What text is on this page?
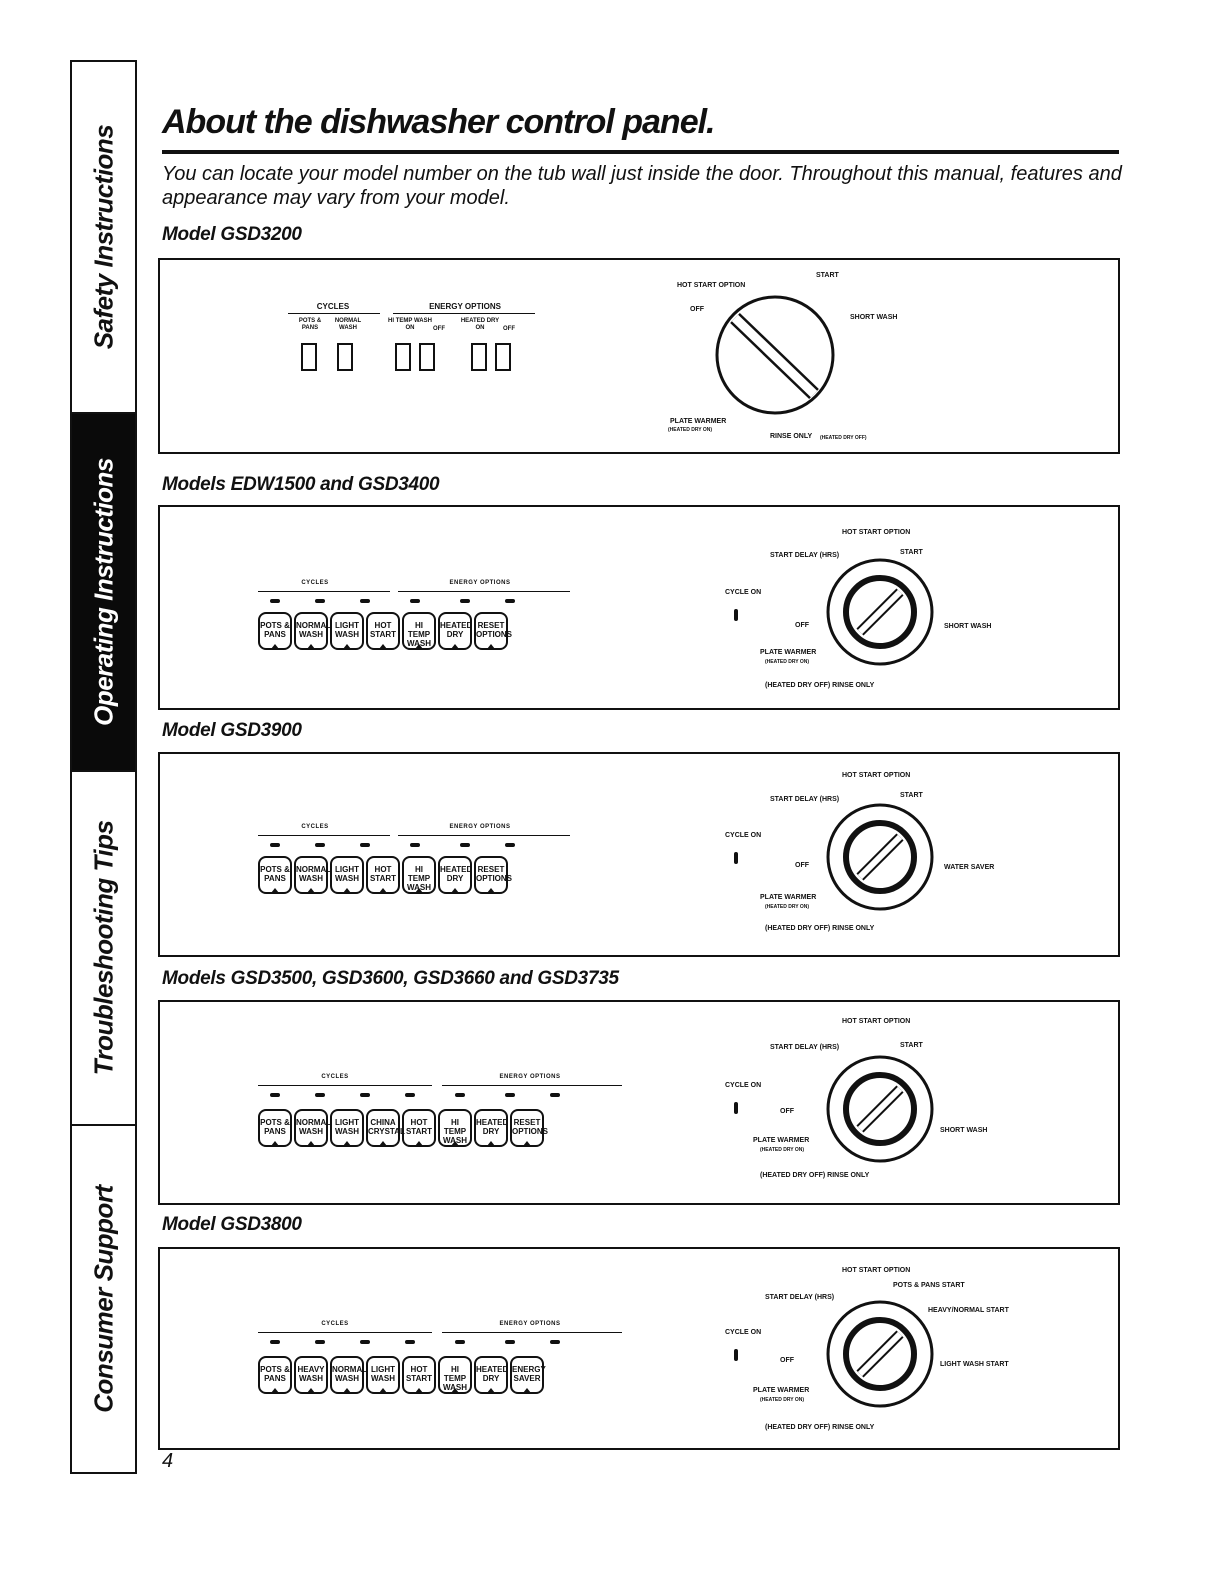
Safety Instructions
Operating Instructions
Troubleshooting Tips
Consumer Support
About the dishwasher control panel.

You can locate your model number on the tub wall just inside the door. Throughout this manual, features and appearance may vary from your model.

Model GSD3200
CYCLES	ENERGY OPTIONS
POTS & PANS
NORMAL WASH
HI TEMP WASH ON	OFF
HEATED DRY ON	OFF
HOT START OPTION
START
OFF
SHORT WASH
PLATE WARMER
(HEATED DRY ON)
RINSE ONLY (HEATED DRY OFF)
Models EDW1500 and GSD3400
CYCLES	ENERGY OPTIONS
POTS & PANS
NORMAL WASH
LIGHT WASH
HOT START
HI TEMP WASH
HEATED DRY
RESET OPTIONS
HOT START OPTION
START DELAY (HRS)	START
CYCLE ON
OFF	SHORT WASH
PLATE WARMER
(HEATED DRY ON)
(HEATED DRY OFF) RINSE ONLY
Model GSD3900
CYCLES	ENERGY OPTIONS
POTS & PANS
NORMAL WASH
LIGHT WASH
HOT START
HI TEMP WASH
HEATED DRY
RESET OPTIONS
HOT START OPTION
START DELAY (HRS)
START
CYCLE ON
OFF	WATER SAVER
PLATE WARMER
(HEATED DRY ON)
(HEATED DRY OFF) RINSE ONLY
Models GSD3500, GSD3600, GSD3660 and GSD3735
CYCLES	ENERGY OPTIONS
POTS & PANS
NORMAL WASH
LIGHT WASH
CHINA CRYSTAL
HOT START
HI TEMP WASH
HEATED DRY
RESET OPTIONS
HOT START OPTION
START DELAY (HRS)	START
CYCLE ON
OFF
SHORT WASH
PLATE WARMER
(HEATED DRY ON)
(HEATED DRY OFF) RINSE ONLY
Model GSD3800
CYCLES	ENERGY OPTIONS
POTS & PANS
HEAVY WASH
NORMAL WASH
LIGHT WASH
HOT START
HI TEMP WASH
HEATED DRY
ENERGY SAVER
HOT START OPTION
START DELAY (HRS)
POTS & PANS START
HEAVY/NORMAL START
LIGHT WASH START
CYCLE ON
OFF
PLATE WARMER
(HEATED DRY ON)
(HEATED DRY OFF) RINSE ONLY
4
